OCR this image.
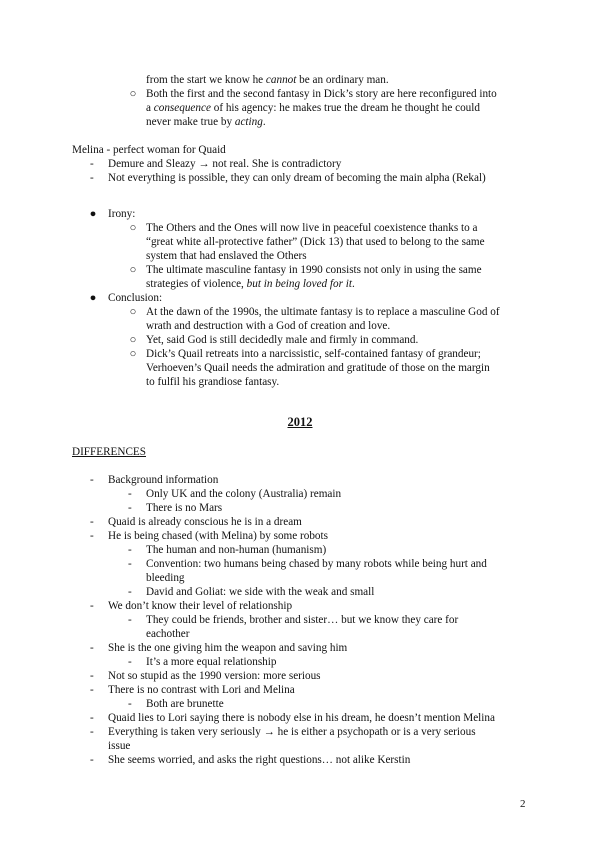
from the start we know he cannot be an ordinary man.
○ Both the first and the second fantasy in Dick’s story are here reconfigured into
a consequence of his agency: he makes true the dream he thought he could
never make true by acting.
Melina - perfect woman for Quaid
- Demure and Sleazy → not real. She is contradictory
- Not everything is possible, they can only dream of becoming the main alpha (Rekal)
● Irony:
○ The Others and the Ones will now live in peaceful coexistence thanks to a
“great white all-protective father” (Dick 13) that used to belong to the same
system that had enslaved the Others
○ The ultimate masculine fantasy in 1990 consists not only in using the same
strategies of violence, but in being loved for it.
● Conclusion:
○ At the dawn of the 1990s, the ultimate fantasy is to replace a masculine God of
wrath and destruction with a God of creation and love.
○ Yet, said God is still decidedly male and firmly in command.
○ Dick’s Quail retreats into a narcissistic, self-contained fantasy of grandeur;
Verhoeven’s Quail needs the admiration and gratitude of those on the margin
to fulfil his grandiose fantasy.
2012
DIFFERENCES
- Background information
- Only UK and the colony (Australia) remain
- There is no Mars
- Quaid is already conscious he is in a dream
- He is being chased (with Melina) by some robots
- The human and non-human (humanism)
- Convention: two humans being chased by many robots while being hurt and
bleeding
- David and Goliat: we side with the weak and small
- We don’t know their level of relationship
- They could be friends, brother and sister… but we know they care for
eachother
- She is the one giving him the weapon and saving him
- It’s a more equal relationship
- Not so stupid as the 1990 version: more serious
- There is no contrast with Lori and Melina
- Both are brunette
- Quaid lies to Lori saying there is nobody else in his dream, he doesn’t mention Melina
- Everything is taken very seriously → he is either a psychopath or is a very serious
issue
- She seems worried, and asks the right questions… not alike Kerstin
2
